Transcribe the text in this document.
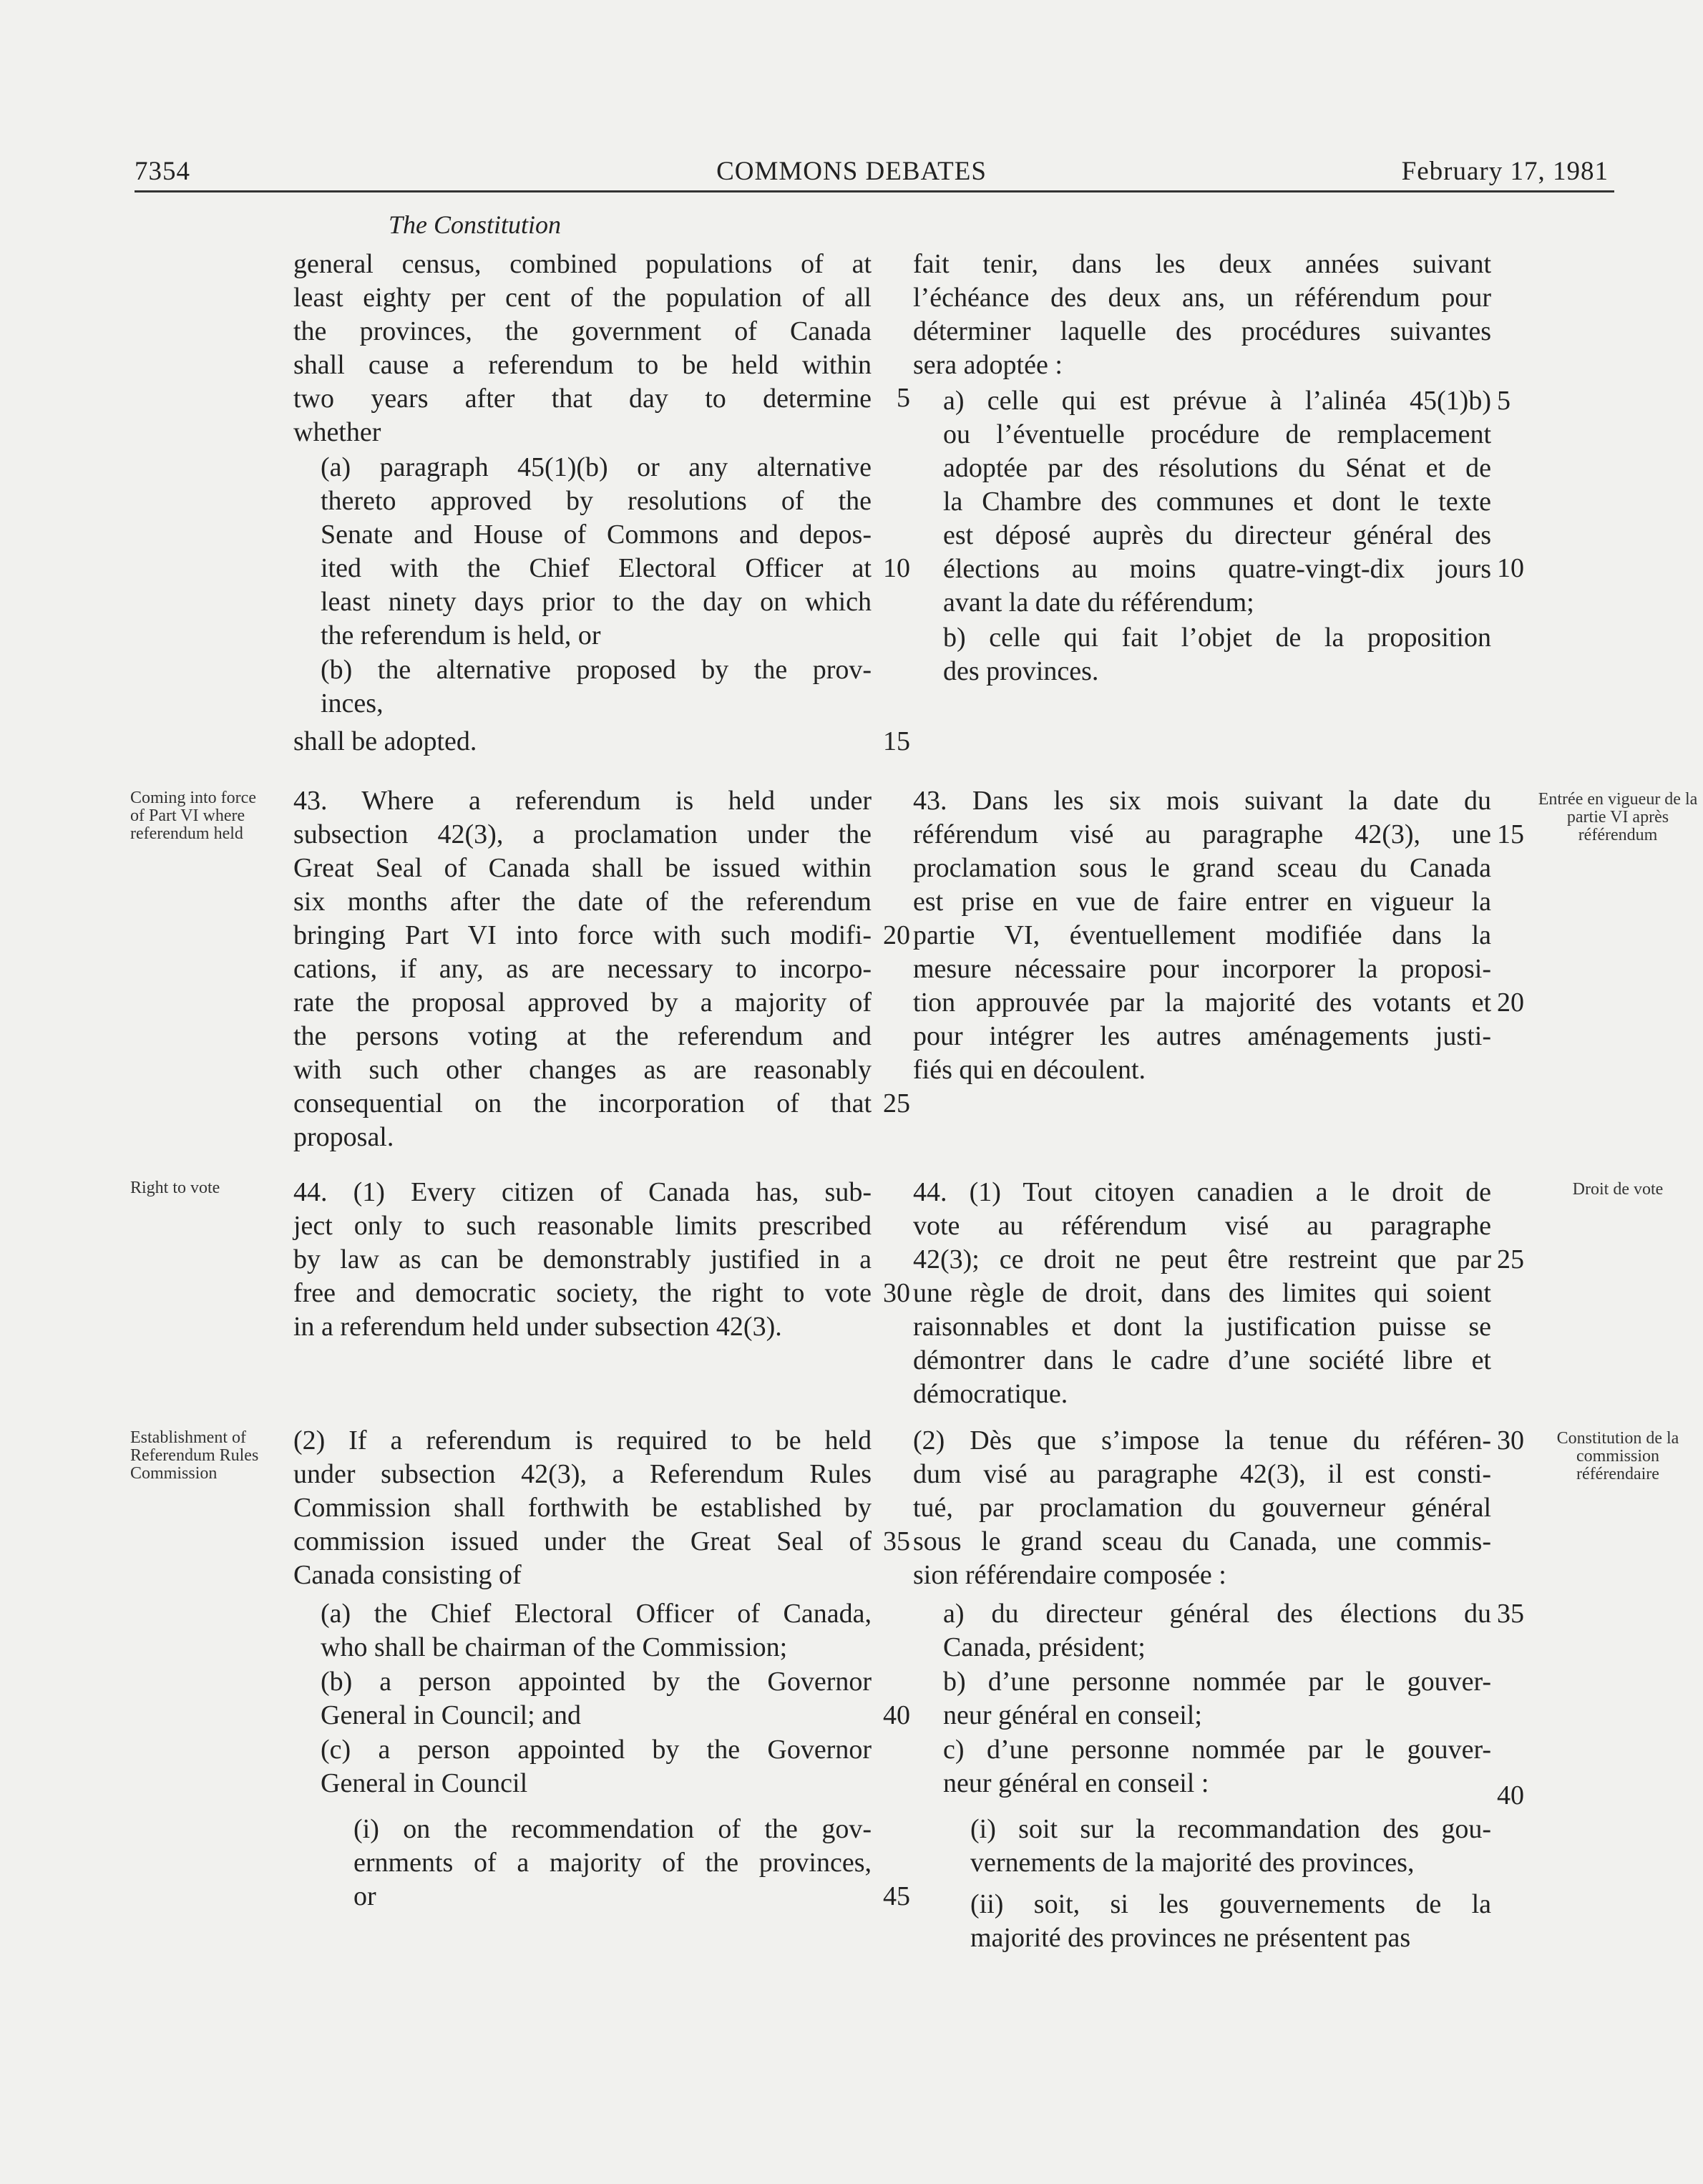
7354	COMMONS DEBATES	February 17, 1981
The Constitution
general census, combined populations of at
least eighty per cent of the population of all
the provinces, the government of Canada
shall cause a referendum to be held within
two years after that day to determine
whether
(a) paragraph 45(1)(b) or any alternative
thereto approved by resolutions of the
Senate and House of Commons and depos-
ited with the Chief Electoral Officer at
least ninety days prior to the day on which
the referendum is held, or
(b) the alternative proposed by the prov-
inces,
shall be adopted.
43. Where a referendum is held under
subsection 42(3), a proclamation under the
Great Seal of Canada shall be issued within
six months after the date of the referendum
bringing Part VI into force with such modifi-
cations, if any, as are necessary to incorpo-
rate the proposal approved by a majority of
the persons voting at the referendum and
with such other changes as are reasonably
consequential on the incorporation of that
proposal.
44. (1) Every citizen of Canada has, sub-
ject only to such reasonable limits prescribed
by law as can be demonstrably justified in a
free and democratic society, the right to vote
in a referendum held under subsection 42(3).
(2) If a referendum is required to be held
under subsection 42(3), a Referendum Rules
Commission shall forthwith be established by
commission issued under the Great Seal of
Canada consisting of
(a) the Chief Electoral Officer of Canada,
who shall be chairman of the Commission;
(b) a person appointed by the Governor
General in Council; and
(c) a person appointed by the Governor
General in Council
(i) on the recommendation of the gov-
ernments of a majority of the provinces,
or
5
10
15
20
25
30
35
40
45
fait tenir, dans les deux années suivant
l’échéance des deux ans, un référendum pour
déterminer laquelle des procédures suivantes
sera adoptée :
a) celle qui est prévue à l’alinéa 45(1)b)
ou l’éventuelle procédure de remplacement
adoptée par des résolutions du Sénat et de
la Chambre des communes et dont le texte
est déposé auprès du directeur général des
élections au moins quatre-vingt-dix jours
avant la date du référendum;
b) celle qui fait l’objet de la proposition
des provinces.
43. Dans les six mois suivant la date du
référendum visé au paragraphe 42(3), une
proclamation sous le grand sceau du Canada
est prise en vue de faire entrer en vigueur la
partie VI, éventuellement modifiée dans la
mesure nécessaire pour incorporer la proposi-
tion approuvée par la majorité des votants et
pour intégrer les autres aménagements justi-
fiés qui en découlent.
44. (1) Tout citoyen canadien a le droit de
vote au référendum visé au paragraphe
42(3); ce droit ne peut être restreint que par
une règle de droit, dans des limites qui soient
raisonnables et dont la justification puisse se
démontrer dans le cadre d’une société libre et
démocratique.
(2) Dès que s’impose la tenue du référen-
dum visé au paragraphe 42(3), il est consti-
tué, par proclamation du gouverneur général
sous le grand sceau du Canada, une commis-
sion référendaire composée :
a) du directeur général des élections du
Canada, président;
b) d’une personne nommée par le gouver-
neur général en conseil;
c) d’une personne nommée par le gouver-
neur général en conseil :
(i) soit sur la recommandation des gou-
vernements de la majorité des provinces,
(ii) soit, si les gouvernements de la
majorité des provinces ne présentent pas
5
10
15
20
25
30
35
40
Coming into force of Part VI where referendum held
Right to vote
Establishment of Referendum Rules Commission
Entrée en vigueur de la partie VI après référendum
Droit de vote
Constitution de la commission référendaire
